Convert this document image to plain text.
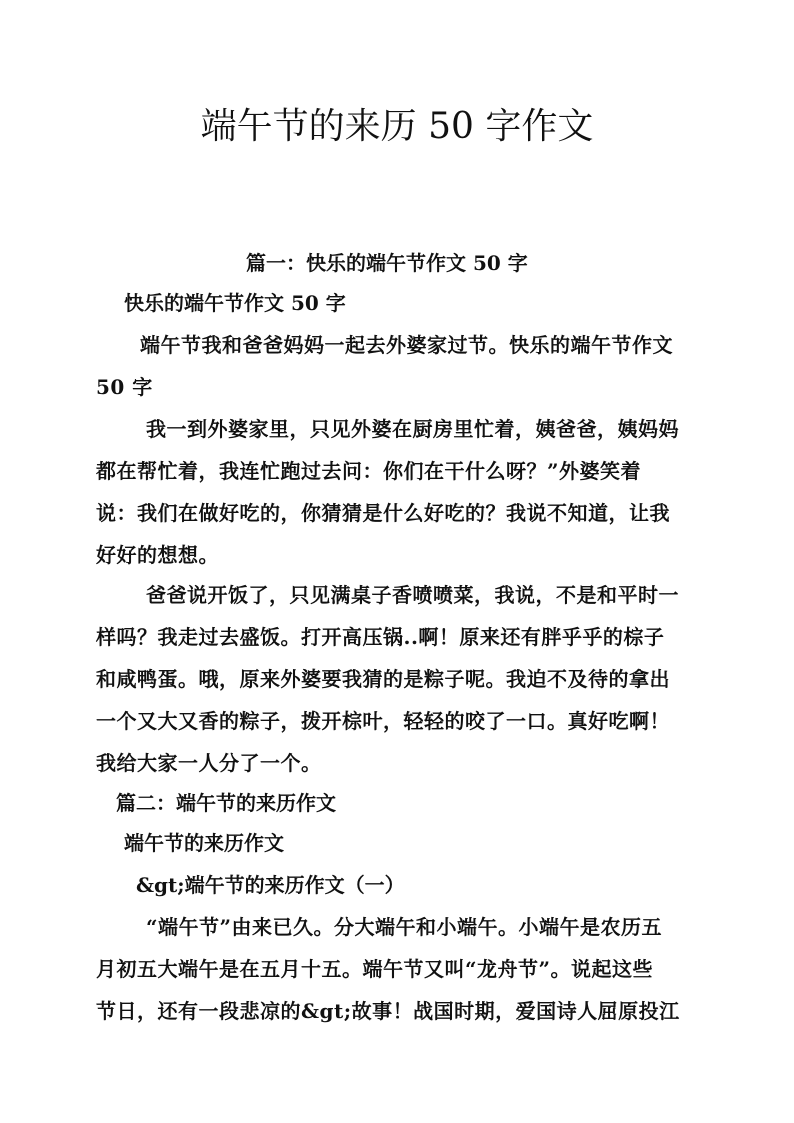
端午节的来历 50 字作文
篇一：快乐的端午节作文 50 字
快乐的端午节作文 50 字
端午节我和爸爸妈妈一起去外婆家过节。快乐的端午节作文
50 字
我一到外婆家里，只见外婆在厨房里忙着，姨爸爸，姨妈妈
都在帮忙着，我连忙跑过去问：你们在干什么呀？”外婆笑着
说：我们在做好吃的，你猜猜是什么好吃的？我说不知道，让我
好好的想想。
爸爸说开饭了，只见满桌子香喷喷菜，我说，不是和平时一
样吗？我走过去盛饭。打开高压锅..啊！原来还有胖乎乎的棕子
和咸鸭蛋。哦，原来外婆要我猜的是粽子呢。我迫不及待的拿出
一个又大又香的粽子，拨开棕叶，轻轻的咬了一口。真好吃啊！
我给大家一人分了一个。
篇二：端午节的来历作文
端午节的来历作文
&gt;端午节的来历作文（一）
“端午节”由来已久。分大端午和小端午。小端午是农历五
月初五大端午是在五月十五。端午节又叫“龙舟节”。说起这些
节日，还有一段悲凉的&gt;故事！战国时期，爱国诗人屈原投江
